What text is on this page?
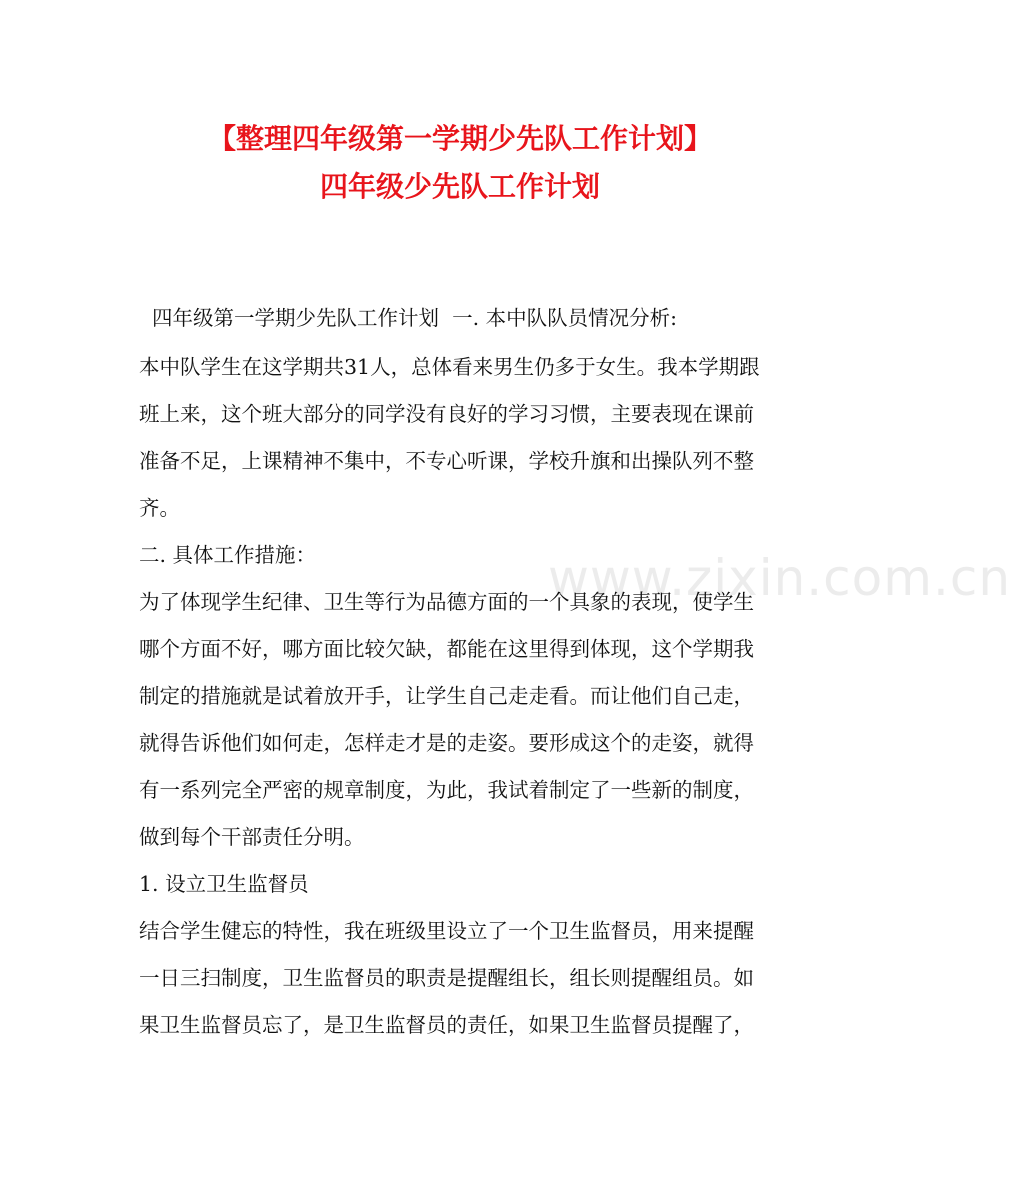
【整理四年级第一学期少先队工作计划】
四年级少先队工作计划
www.zixin.com.cn
四年级第一学期少先队工作计划  一. 本中队队员情况分析:
本中队学生在这学期共31人，总体看来男生仍多于女生。我本学期跟
班上来，这个班大部分的同学没有良好的学习习惯，主要表现在课前
准备不足，上课精神不集中，不专心听课，学校升旗和出操队列不整
齐。
二. 具体工作措施：
为了体现学生纪律、卫生等行为品德方面的一个具象的表现，使学生
哪个方面不好，哪方面比较欠缺，都能在这里得到体现，这个学期我
制定的措施就是试着放开手，让学生自己走走看。而让他们自己走，
就得告诉他们如何走，怎样走才是的走姿。要形成这个的走姿，就得
有一系列完全严密的规章制度，为此，我试着制定了一些新的制度，
做到每个干部责任分明。
1. 设立卫生监督员
结合学生健忘的特性，我在班级里设立了一个卫生监督员，用来提醒
一日三扫制度，卫生监督员的职责是提醒组长，组长则提醒组员。如
果卫生监督员忘了，是卫生监督员的责任，如果卫生监督员提醒了，
